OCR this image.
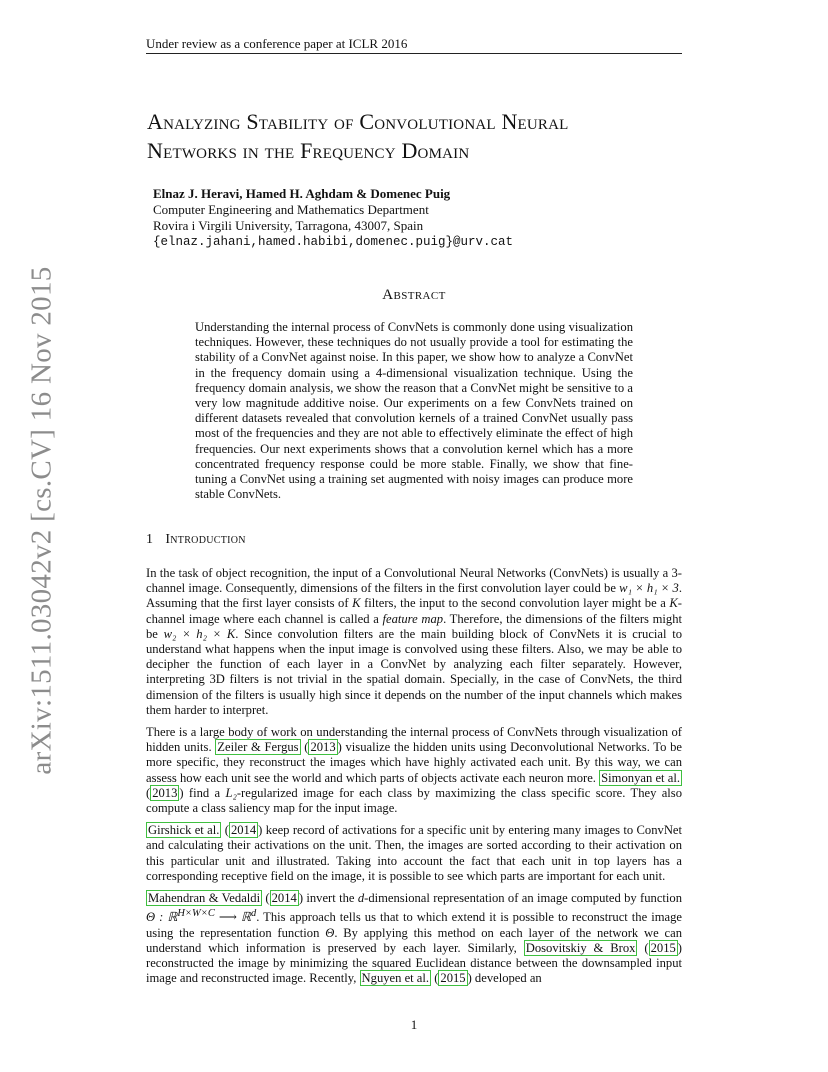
Under review as a conference paper at ICLR 2016
arXiv:1511.03042v2 [cs.CV] 16 Nov 2015
Analyzing Stability of Convolutional Neural
Networks in the Frequency Domain
Elnaz J. Heravi, Hamed H. Aghdam & Domenec Puig
Computer Engineering and Mathematics Department
Rovira i Virgili University, Tarragona, 43007, Spain
{elnaz.jahani,hamed.habibi,domenec.puig}@urv.cat
Abstract
Understanding the internal process of ConvNets is commonly done using visualization techniques. However, these techniques do not usually provide a tool for estimating the stability of a ConvNet against noise. In this paper, we show how to analyze a ConvNet in the frequency domain using a 4-dimensional visualization technique. Using the frequency domain analysis, we show the reason that a ConvNet might be sensitive to a very low magnitude additive noise. Our experiments on a few ConvNets trained on different datasets revealed that convolution kernels of a trained ConvNet usually pass most of the frequencies and they are not able to effectively eliminate the effect of high frequencies. Our next experiments shows that a convolution kernel which has a more concentrated frequency response could be more stable. Finally, we show that fine-tuning a ConvNet using a training set augmented with noisy images can produce more stable ConvNets.
1 Introduction

In the task of object recognition, the input of a Convolutional Neural Networks (ConvNets) is usually a 3-channel image. Consequently, dimensions of the filters in the first convolution layer could be w₁ × h₁ × 3. Assuming that the first layer consists of K filters, the input to the second convolution layer might be a K-channel image where each channel is called a feature map. Therefore, the dimensions of the filters might be w₂ × h₂ × K. Since convolution filters are the main building block of ConvNets it is crucial to understand what happens when the input image is convolved using these filters. Also, we may be able to decipher the function of each layer in a ConvNet by analyzing each filter separately. However, interpreting 3D filters is not trivial in the spatial domain. Specially, in the case of ConvNets, the third dimension of the filters is usually high since it depends on the number of the input channels which makes them harder to interpret.

There is a large body of work on understanding the internal process of ConvNets through visualization of hidden units. Zeiler & Fergus ( 2013 ) visualize the hidden units using Deconvolutional Networks. To be more specific, they reconstruct the images which have highly activated each unit. By this way, we can assess how each unit see the world and which parts of objects activate each neuron more. Simonyan et al. ( 2013 ) find a L₂-regularized image for each class by maximizing the class specific score. They also compute a class saliency map for the input image.

Girshick et al. ( 2014 ) keep record of activations for a specific unit by entering many images to ConvNet and calculating their activations on the unit. Then, the images are sorted according to their activation on this particular unit and illustrated. Taking into account the fact that each unit in top layers has a corresponding receptive field on the image, it is possible to see which parts are important for each unit.

Mahendran & Vedaldi ( 2014 ) invert the d-dimensional representation of an image computed by function Θ : ℝ$^{H\times W\times C}$ ⟶ ℝ$^d$. This approach tells us that to which extend it is possible to reconstruct the image using the representation function Θ. By applying this method on each layer of the network we can understand which information is preserved by each layer. Similarly, Dosovitskiy & Brox ( 2015 ) reconstructed the image by minimizing the squared Euclidean distance between the downsampled input image and reconstructed image. Recently, Nguyen et al. ( 2015 ) developed an

1
